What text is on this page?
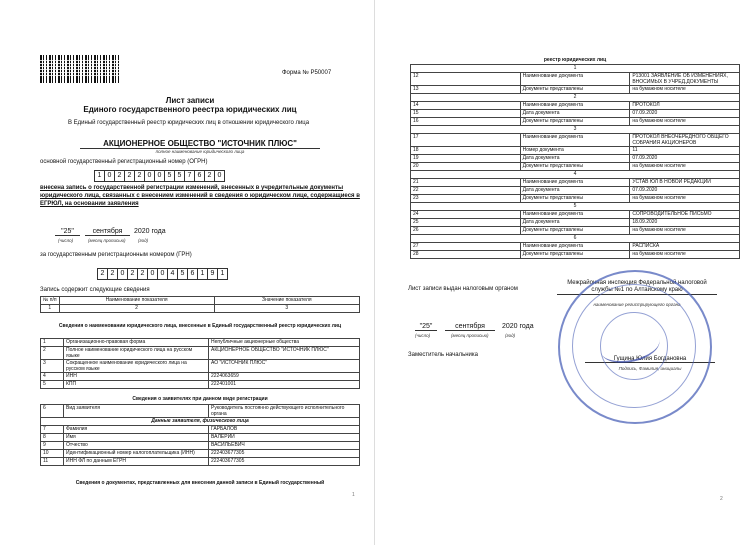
Форма № Р50007
Лист записи
Единого государственного реестра юридических лиц
В Единый государственный реестр юридических лиц в отношении юридического лица
АКЦИОНЕРНОЕ ОБЩЕСТВО "ИСТОЧНИК ПЛЮС"
полное наименование юридического лица
основной государственный регистрационный номер (ОГРН)
1 0 2 2 2 0 0 5 5 7 6 2 0
внесена запись о государственной регистрации изменений, внесенных в учредительные документы юридического лица, связанных с внесением изменений в сведения о юридическом лице, содержащиеся в ЕГРЮЛ, на основании заявления
"25"	сентября	2020 года
(число)	(месяц прописью)	(год)
за государственным регистрационным номером (ГРН)
2 2 0 2 2 0 0 4 5 6 1 9 1
Запись содержит следующие сведения
№ п/п	Наименование показателя	Значение показателя
1	2	3
Сведения о наименовании юридического лица, внесенные в Единый государственный реестр юридических лиц
1	Организационно-правовая форма	Непубличные акционерные общества
2	Полное наименование юридического лица на русском языке	АКЦИОНЕРНОЕ ОБЩЕСТВО "ИСТОЧНИК ПЛЮС"
3	Сокращенное наименование юридического лица на русском языке	АО "ИСТОЧНИК ПЛЮС"
4	ИНН	2224063659
5	КПП	222401001
Сведения о заявителях при данном виде регистрации
6	Вид заявителя	Руководитель постоянно действующего исполнительного органа
Данные заявителя, физического лица		
7	Фамилия	ГАРБАЛОВ
8	Имя	ВАЛЕРИЙ
9	Отчество	ВАСИЛЬЕВИЧ
10	Идентификационный номер налогоплательщика (ИНН)	222403677305
11	ИНН ФЛ по данным ЕГРН	222403677305
Сведения о документах, представленных для внесения данной записи в Единый государственный
1
реестр юридических лиц
1		
12	Наименование документа	Р13001 ЗАЯВЛЕНИЕ ОБ ИЗМЕНЕНИЯХ, ВНОСИМЫХ В УЧРЕД.ДОКУМЕНТЫ
13	Документы представлены	на бумажном носителе
2		
14	Наименование документа	ПРОТОКОЛ
15	Дата документа	07.09.2020
16	Документы представлены	на бумажном носителе
3		
17	Наименование документа	ПРОТОКОЛ ВНЕОЧЕРЕДНОГО ОБЩЕГО СОБРАНИЯ АКЦИОНЕРОВ
18	Номер документа	11
19	Дата документа	07.09.2020
20	Документы представлены	на бумажном носителе
4		
21	Наименование документа	УСТАВ ЮЛ В НОВОЙ РЕДАКЦИИ
22	Дата документа	07.09.2020
23	Документы представлены	на бумажном носителе
5		
24	Наименование документа	СОПРОВОДИТЕЛЬНОЕ ПИСЬМО
25	Дата документа	18.09.2020
26	Документы представлены	на бумажном носителе
6		
27	Наименование документа	РАСПИСКА
28	Документы представлены	на бумажном носителе
Лист записи выдан налоговым органом
Межрайонная инспекция Федеральной налоговой службы №1 по Алтайскому краю
наименование регистрирующего органа
"25"	сентября	2020 года
(число)	(месяц прописью)	(год)
Заместитель начальника
Гущина Юлия Богдановна
Подпись, Фамилия, инициалы
2
